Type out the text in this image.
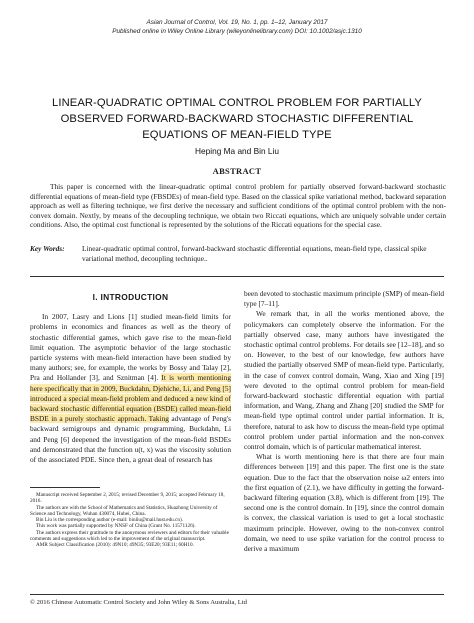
Asian Journal of Control, Vol. 19, No. 1, pp. 1–12, January 2017
Published online in Wiley Online Library (wileyonlinelibrary.com) DOI: 10.1002/asjc.1310
LINEAR-QUADRATIC OPTIMAL CONTROL PROBLEM FOR PARTIALLY
OBSERVED FORWARD-BACKWARD STOCHASTIC DIFFERENTIAL
EQUATIONS OF MEAN-FIELD TYPE
Heping Ma and Bin Liu
ABSTRACT
This paper is concerned with the linear-quadratic optimal control problem for partially observed forward-backward stochastic differential equations of mean-field type (FBSDEs) of mean-field type. Based on the classical spike variational method, backward separation approach as well as filtering technique, we first derive the necessary and sufficient conditions of the optimal control problem with the non-convex domain. Nextly, by means of the decoupling technique, we obtain two Riccati equations, which are uniquely solvable under certain conditions. Also, the optimal cost functional is represented by the solutions of the Riccati equations for the special case.
Key Words: Linear-quadratic optimal control, forward-backward stochastic differential equations, mean-field type, classical spike variational method, decoupling technique..
I. INTRODUCTION

In 2007, Lasry and Lions [1] studied mean-field limits for problems in economics and finances as well as the theory of stochastic differential games, which gave rise to the mean-field limit equation. The asymptotic behavior of the large stochastic particle systems with mean-field interaction have been studied by many authors; see, for example, the works by Bossy and Talay [2], Pra and Hollander [3], and Sznitman [4]. It is worth mentioning here specifically that in 2009, Buckdahn, Djehiche, Li, and Peng [5] introduced a special mean-field problem and deduced a new kind of backward stochastic differential equation (BSDE) called mean-field BSDE in a purely stochastic approach. Taking advantage of Peng's backward semigroups and dynamic programming, Buckdahn, Li and Peng [6] deepened the investigation of the mean-field BSDEs and demonstrated that the function u(t, x) was the viscosity solution of the associated PDE. Since then, a great deal of research has

been devoted to stochastic maximum principle (SMP) of mean-field type [7–11].

We remark that, in all the works mentioned above, the policymakers can completely observe the information. For the partially observed case, many authors have investigated the stochastic optimal control problems. For details see [12–18], and so on. However, to the best of our knowledge, few authors have studied the partially observed SMP of mean-field type. Particularly, in the case of convex control domain, Wang, Xiao and Xing [19] were devoted to the optimal control problem for mean-field forward-backward stochastic differential equation with partial information, and Wang, Zhang and Zhang [20] studied the SMP for mean-field type optimal control under partial information. It is, therefore, natural to ask how to discuss the mean-field type optimal control problem under partial information and the non-convex control domain, which is of particular mathematical interest.

What is worth mentioning here is that there are four main differences between [19] and this paper. The first one is the state equation. Due to the fact that the observation noise ω2 enters into the first equation of (2.1), we have difficulty in getting the forward-backward filtering equation (3.8), which is different from [19]. The second one is the control domain. In [19], since the control domain is convex, the classical variation is used to get a local stochastic maximum principle. However, owing to the non-convex control domain, we need to use spike variation for the control process to derive a maximum

Manuscript received September 2, 2015; revised December 9, 2015; accepted February 18, 2016.

The authors are with the School of Mathematics and Statistics, Huazhong University of Science and Technology, Wuhan 430074, Hubei, China.

Bin Liu is the corresponding author (e-mail: binliu@mail.hust.edu.cn).

This work was partially supported by NNSF of China (Grant No. 11571126).

The authors express their gratitude to the anonymous reviewers and editors for their valuable comments and suggestions which led to the improvement of the original manuscript.

AMR Subject Classification (2010): 49N10; 49N35; 93E20; 93E11; 60H10.

© 2016 Chinese Automatic Control Society and John Wiley & Sons Australia, Ltd
